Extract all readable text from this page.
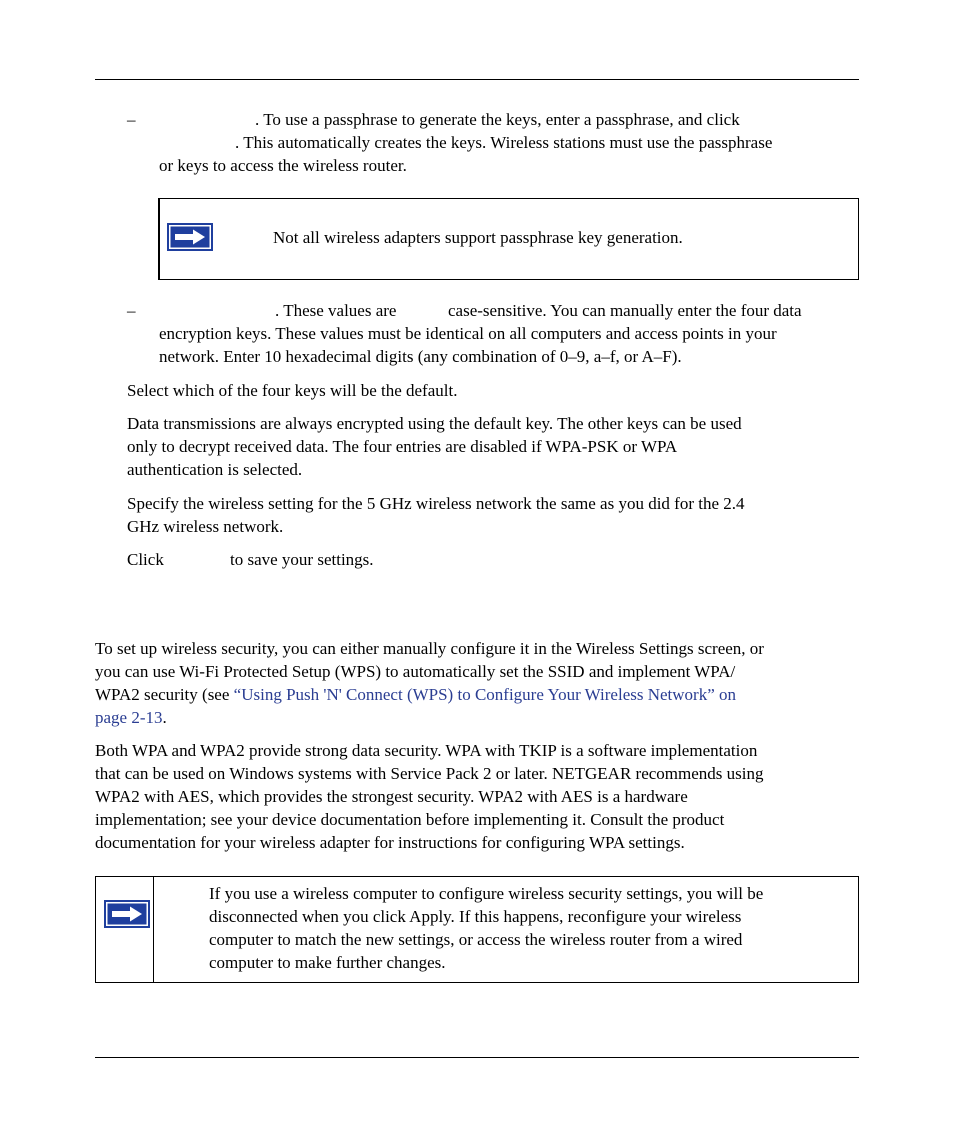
–	. To use a passphrase to generate the keys, enter a passphrase, and click

. This automatically creates the keys. Wireless stations must use the passphrase

or keys to access the wireless router.

Not all wireless adapters support passphrase key generation.

–	. These values are	case-sensitive. You can manually enter the four data

encryption keys. These values must be identical on all computers and access points in your

network. Enter 10 hexadecimal digits (any combination of 0–9, a–f, or A–F).

Select which of the four keys will be the default.

Data transmissions are always encrypted using the default key. The other keys can be used

only to decrypt received data. The four entries are disabled if WPA-PSK or WPA

authentication is selected.

Specify the wireless setting for the 5 GHz wireless network the same as you did for the 2.4

GHz wireless network.

Click	to save your settings.

To set up wireless security, you can either manually configure it in the Wireless Settings screen, or

you can use Wi-Fi Protected Setup (WPS) to automatically set the SSID and implement WPA/

WPA2 security (see “Using Push 'N' Connect (WPS) to Configure Your Wireless Network” on

page 2-13.

Both WPA and WPA2 provide strong data security. WPA with TKIP is a software implementation

that can be used on Windows systems with Service Pack 2 or later. NETGEAR recommends using

WPA2 with AES, which provides the strongest security. WPA2 with AES is a hardware

implementation; see your device documentation before implementing it. Consult the product

documentation for your wireless adapter for instructions for configuring WPA settings.

If you use a wireless computer to configure wireless security settings, you will be

disconnected when you click Apply. If this happens, reconfigure your wireless

computer to match the new settings, or access the wireless router from a wired

computer to make further changes.
